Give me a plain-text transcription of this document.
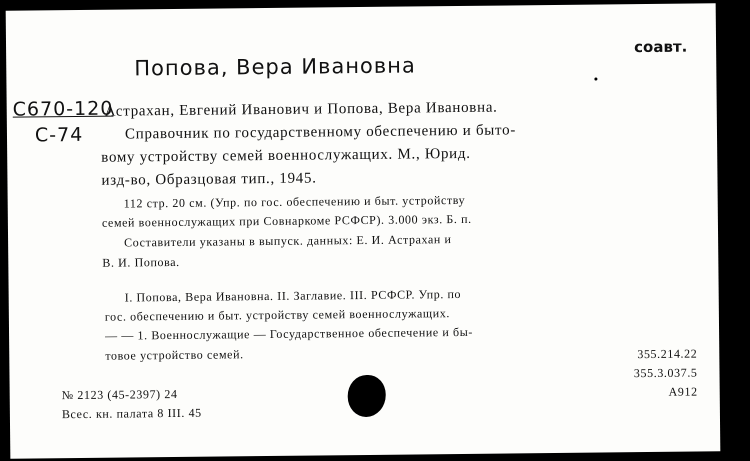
соавт.
Попова, Вера Ивановна
С670-120
С-74
Астрахан, Евгений Иванович и Попова, Вера Ивановна.
Справочник по государственному обеспечению и быто-
вому устройству семей военнослужащих. М., Юрид.
изд-во, Образцовая тип., 1945.
112 стр. 20 см. (Упр. по гос. обеспечению и быт. устройству
семей военнослужащих при Совнаркоме РСФСР). 3.000 экз. Б. п.
Составители указаны в выпуск. данных: Е. И. Астрахан и
В. И. Попова.
I. Попова, Вера Ивановна. II. Заглавие. III. РСФСР. Упр. по
гос. обеспечению и быт. устройству семей военнослужащих.
— — 1. Военнослужащие — Государственное обеспечение и бы-
товое устройство семей.	355.214.22
355.3.037.5
А912
№ 2123 (45-2397) 24
Всес. кн. палата 8 III. 45
